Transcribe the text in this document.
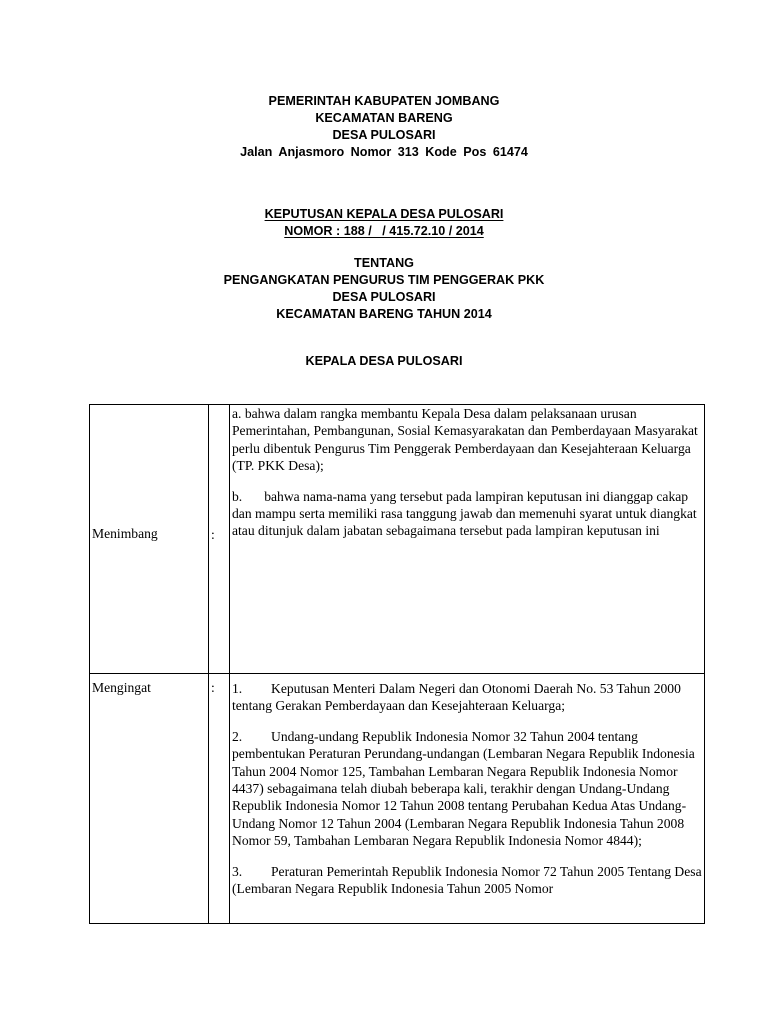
PEMERINTAH KABUPATEN JOMBANG
KECAMATAN BARENG
DESA PULOSARI
Jalan Anjasmoro Nomor 313 Kode Pos 61474
KEPUTUSAN KEPALA DESA PULOSARI
NOMOR : 188 /   / 415.72.10 / 2014
TENTANG
PENGANGKATAN PENGURUS TIM PENGGERAK PKK
DESA PULOSARI
KECAMATAN BARENG TAHUN 2014
KEPALA DESA PULOSARI
Menimbang	:

a. bahwa dalam rangka membantu Kepala Desa dalam pelaksanaan urusan Pemerintahan, Pembangunan, Sosial Kemasyarakatan dan Pemberdayaan Masyarakat perlu dibentuk Pengurus Tim Penggerak Pemberdayaan dan Kesejahteraan Keluarga (TP. PKK Desa);

b. bahwa nama-nama yang tersebut pada lampiran keputusan ini dianggap cakap dan mampu serta memiliki rasa tanggung jawab dan memenuhi syarat untuk diangkat atau ditunjuk dalam jabatan sebagaimana tersebut pada lampiran keputusan ini

Mengingat	: 1. Keputusan Menteri Dalam Negeri dan Otonomi Daerah No. 53 Tahun 2000 tentang Gerakan Pemberdayaan dan Kesejahteraan Keluarga;

2. Undang-undang Republik Indonesia Nomor 32 Tahun 2004 tentang pembentukan Peraturan Perundang-undangan (Lembaran Negara Republik Indonesia Tahun 2004 Nomor 125, Tambahan Lembaran Negara Republik Indonesia Nomor 4437) sebagaimana telah diubah beberapa kali, terakhir dengan Undang-Undang Republik Indonesia Nomor 12 Tahun 2008 tentang Perubahan Kedua Atas Undang-Undang Nomor 12 Tahun 2004 (Lembaran Negara Republik Indonesia Tahun 2008 Nomor 59, Tambahan Lembaran Negara Republik Indonesia Nomor 4844);

3. Peraturan Pemerintah Republik Indonesia Nomor 72 Tahun 2005 Tentang Desa (Lembaran Negara Republik Indonesia Tahun 2005 Nomor
